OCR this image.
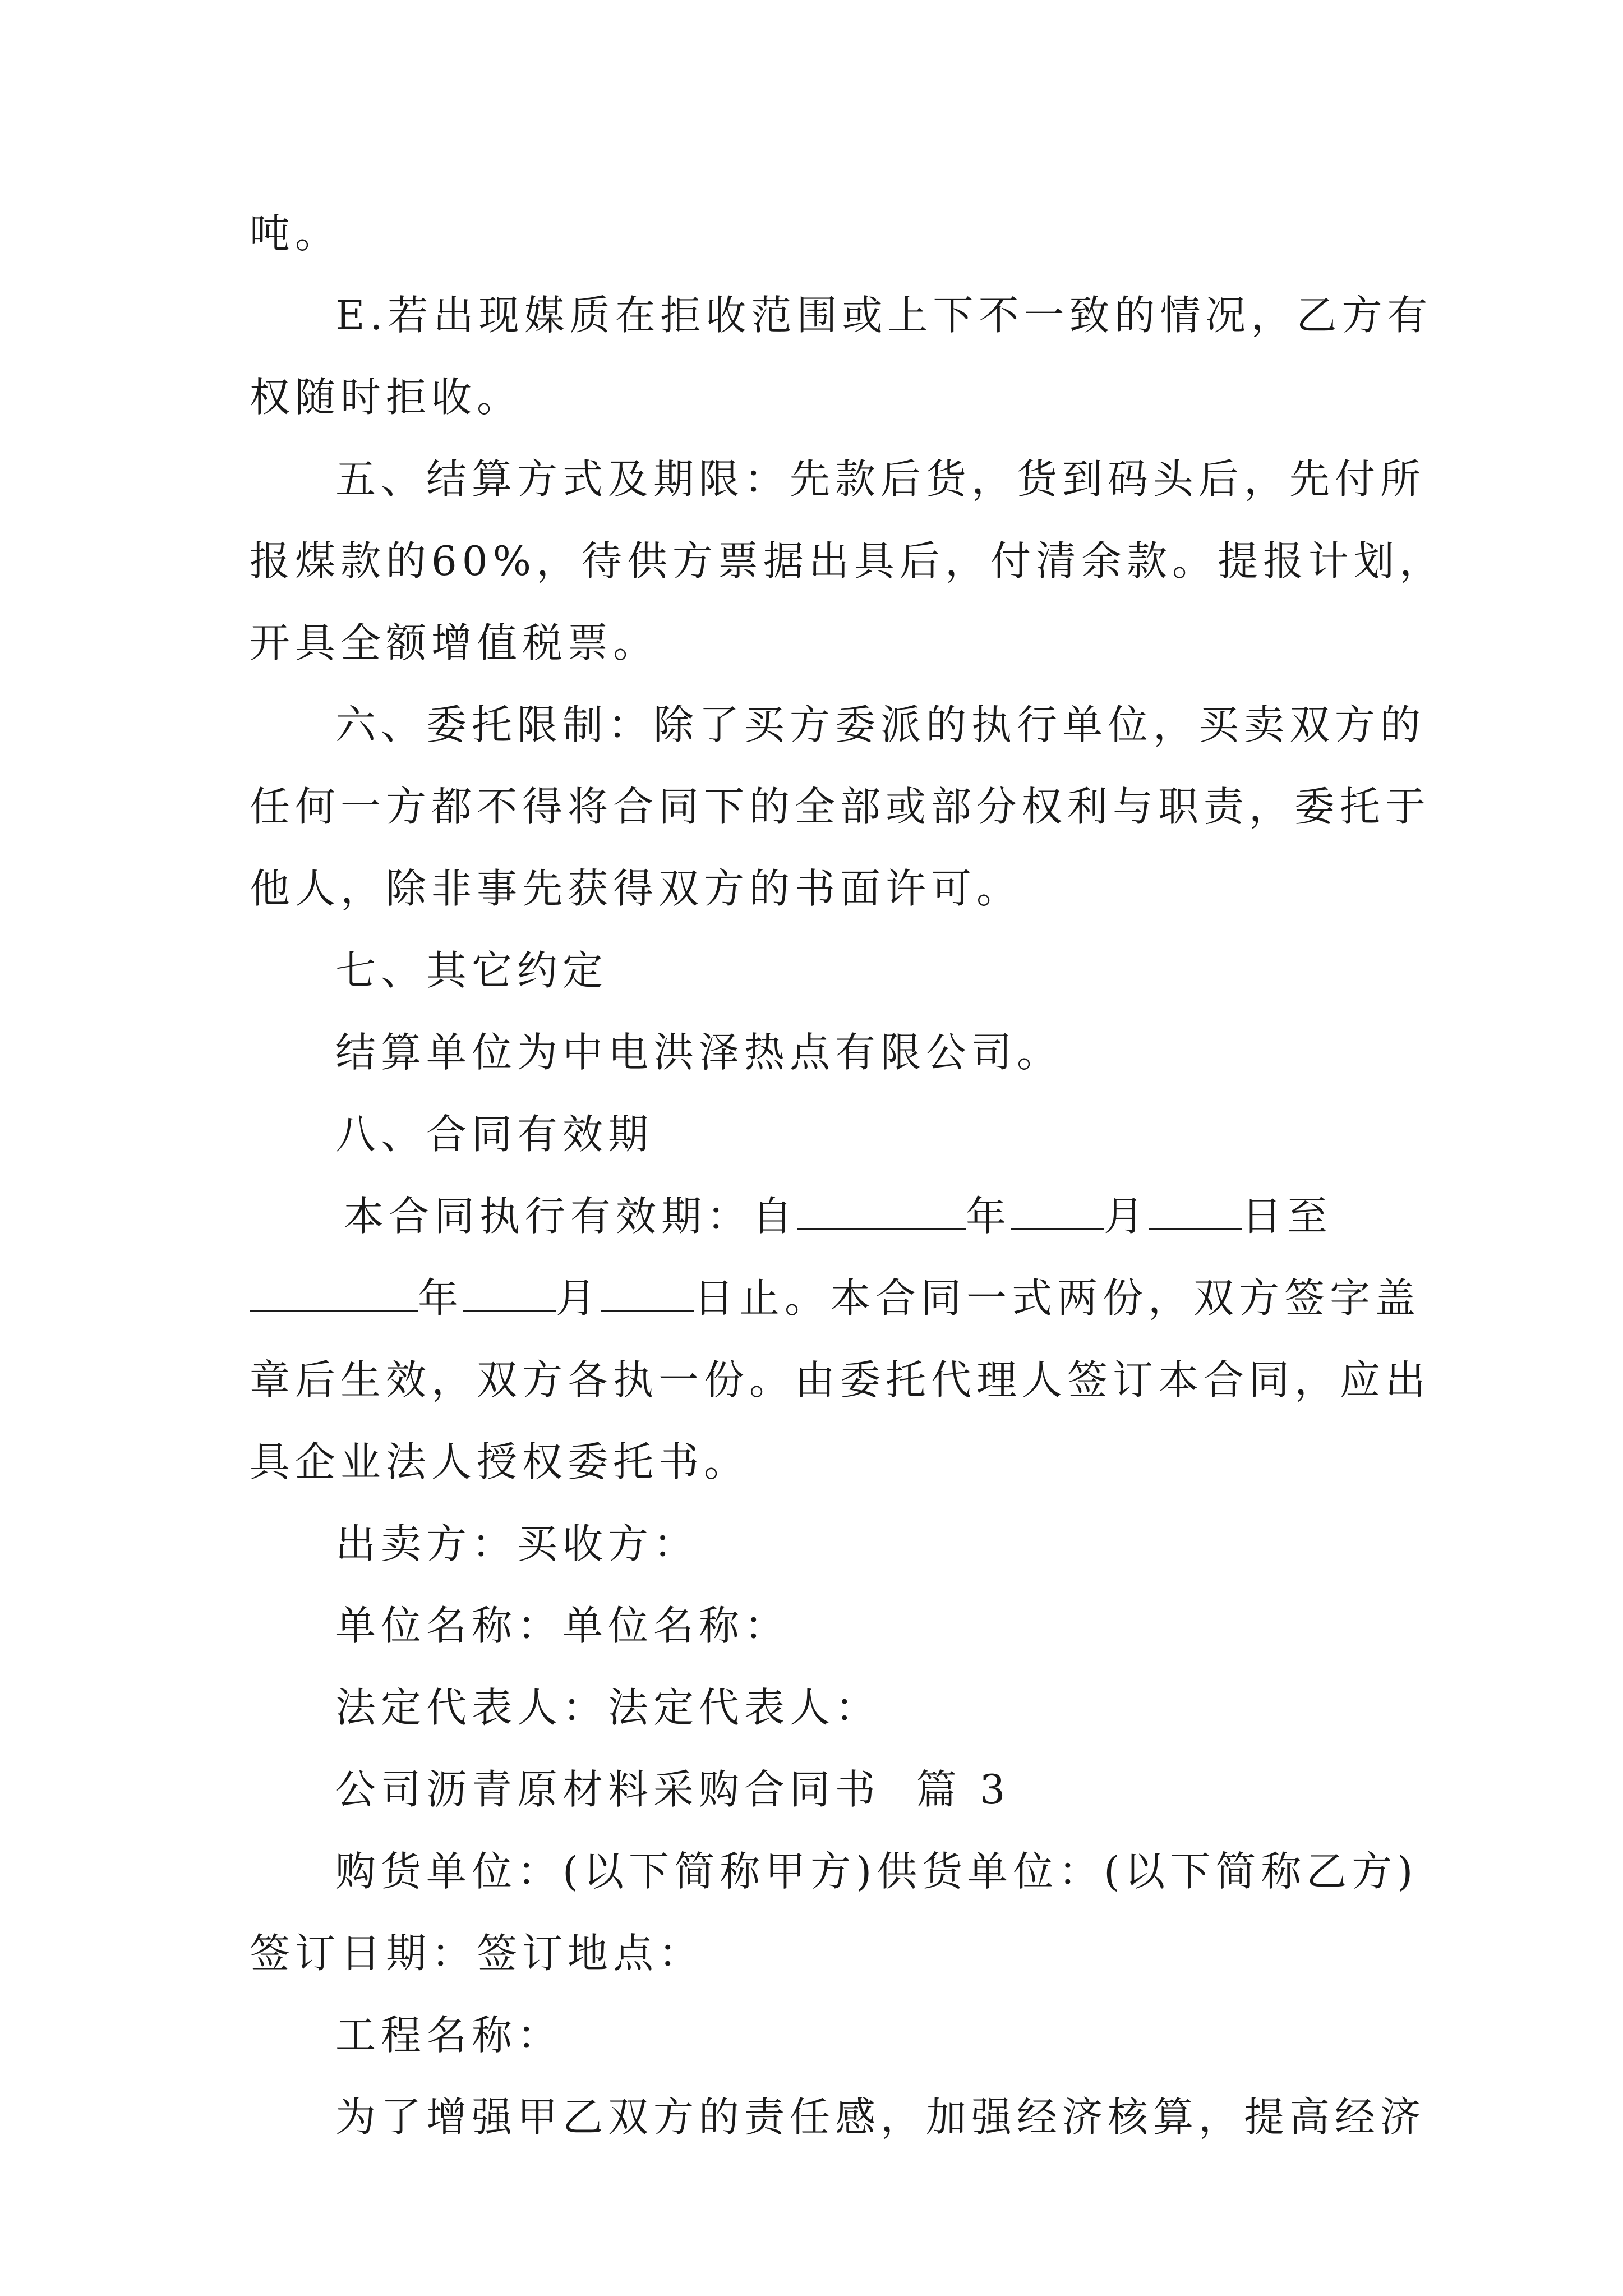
吨。
E.若出现媒质在拒收范围或上下不一致的情况，乙方有
权随时拒收。
五、结算方式及期限：先款后货，货到码头后，先付所
报煤款的60%，待供方票据出具后，付清余款。提报计划，
开具全额增值税票。
六、委托限制：除了买方委派的执行单位，买卖双方的
任何一方都不得将合同下的全部或部分权利与职责，委托于
他人，除非事先获得双方的书面许可。
七、其它约定
结算单位为中电洪泽热点有限公司。
八、合同有效期
本合同执行有效期：自	年 月 日至
年 月 日止。本合同一式两份，双方签字盖
章后生效，双方各执一份。由委托代理人签订本合同，应出
具企业法人授权委托书。
出卖方：买收方：
单位名称：单位名称：
法定代表人：法定代表人：
公司沥青原材料采购合同书  篇 3
购货单位：(以下简称甲方)供货单位：(以下简称乙方)
签订日期：签订地点：
工程名称：
为了增强甲乙双方的责任感，加强经济核算，提高经济
